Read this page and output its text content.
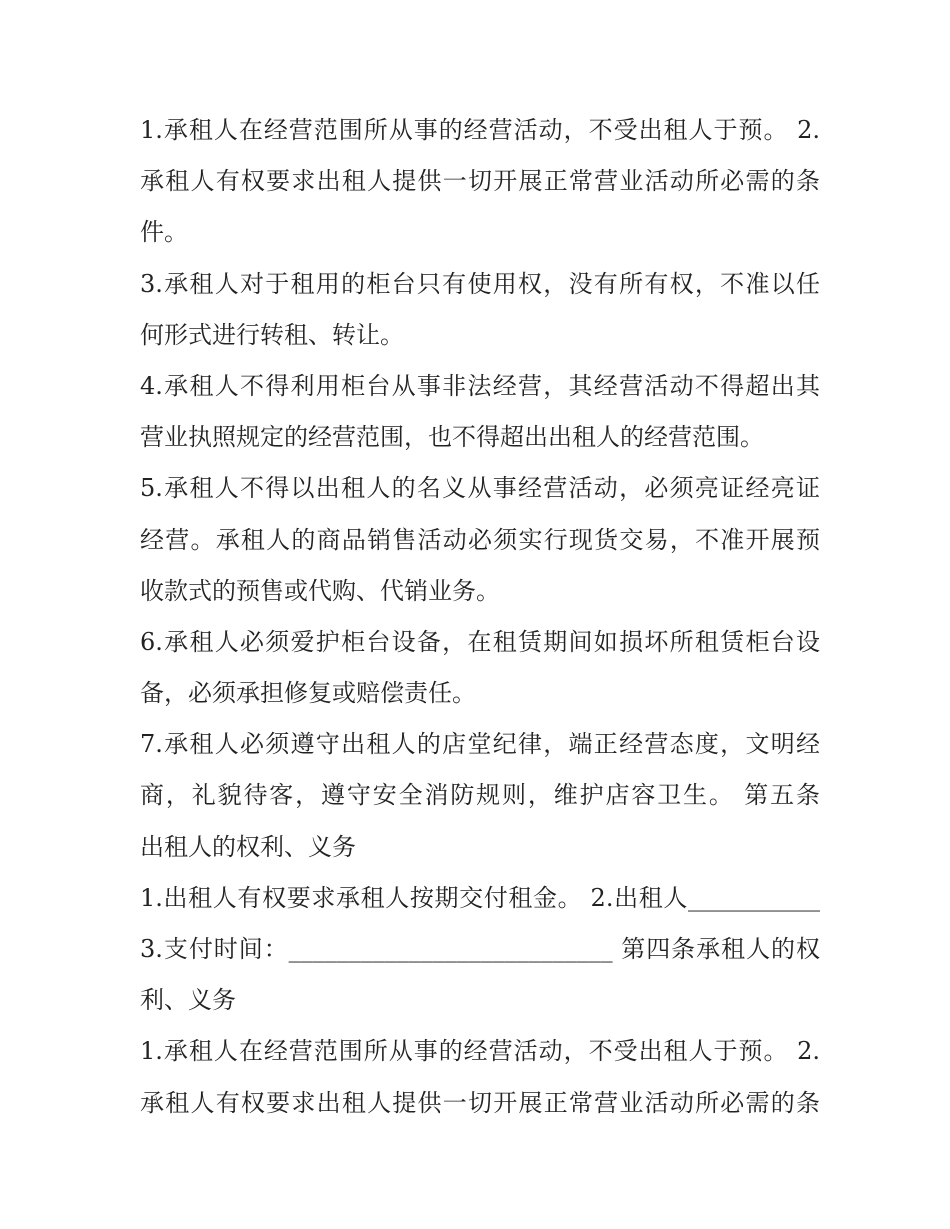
1.承租人在经营范围所从事的经营活动，不受出租人于预。 2.
承租人有权要求出租人提供一切开展正常营业活动所必需的条
件。
3.承租人对于租用的柜台只有使用权，没有所有权，不准以任
何形式进行转租、转让。
4.承租人不得利用柜台从事非法经营，其经营活动不得超出其
营业执照规定的经营范围，也不得超出出租人的经营范围。
5.承租人不得以出租人的名义从事经营活动，必须亮证经亮证
经营。承租人的商品销售活动必须实行现货交易，不准开展预
收款式的预售或代购、代销业务。
6.承租人必须爱护柜台设备，在租赁期间如损坏所租赁柜台设
备，必须承担修复或赔偿责任。
7.承租人必须遵守出租人的店堂纪律，端正经营态度，文明经
商，礼貌待客，遵守安全消防规则，维护店容卫生。 第五条
出租人的权利、义务
1.出租人有权要求承租人按期交付租金。 2.出租人___________
3.支付时间：___________________________ 第四条承租人的权
利、义务
1.承租人在经营范围所从事的经营活动，不受出租人于预。 2.
承租人有权要求出租人提供一切开展正常营业活动所必需的条
